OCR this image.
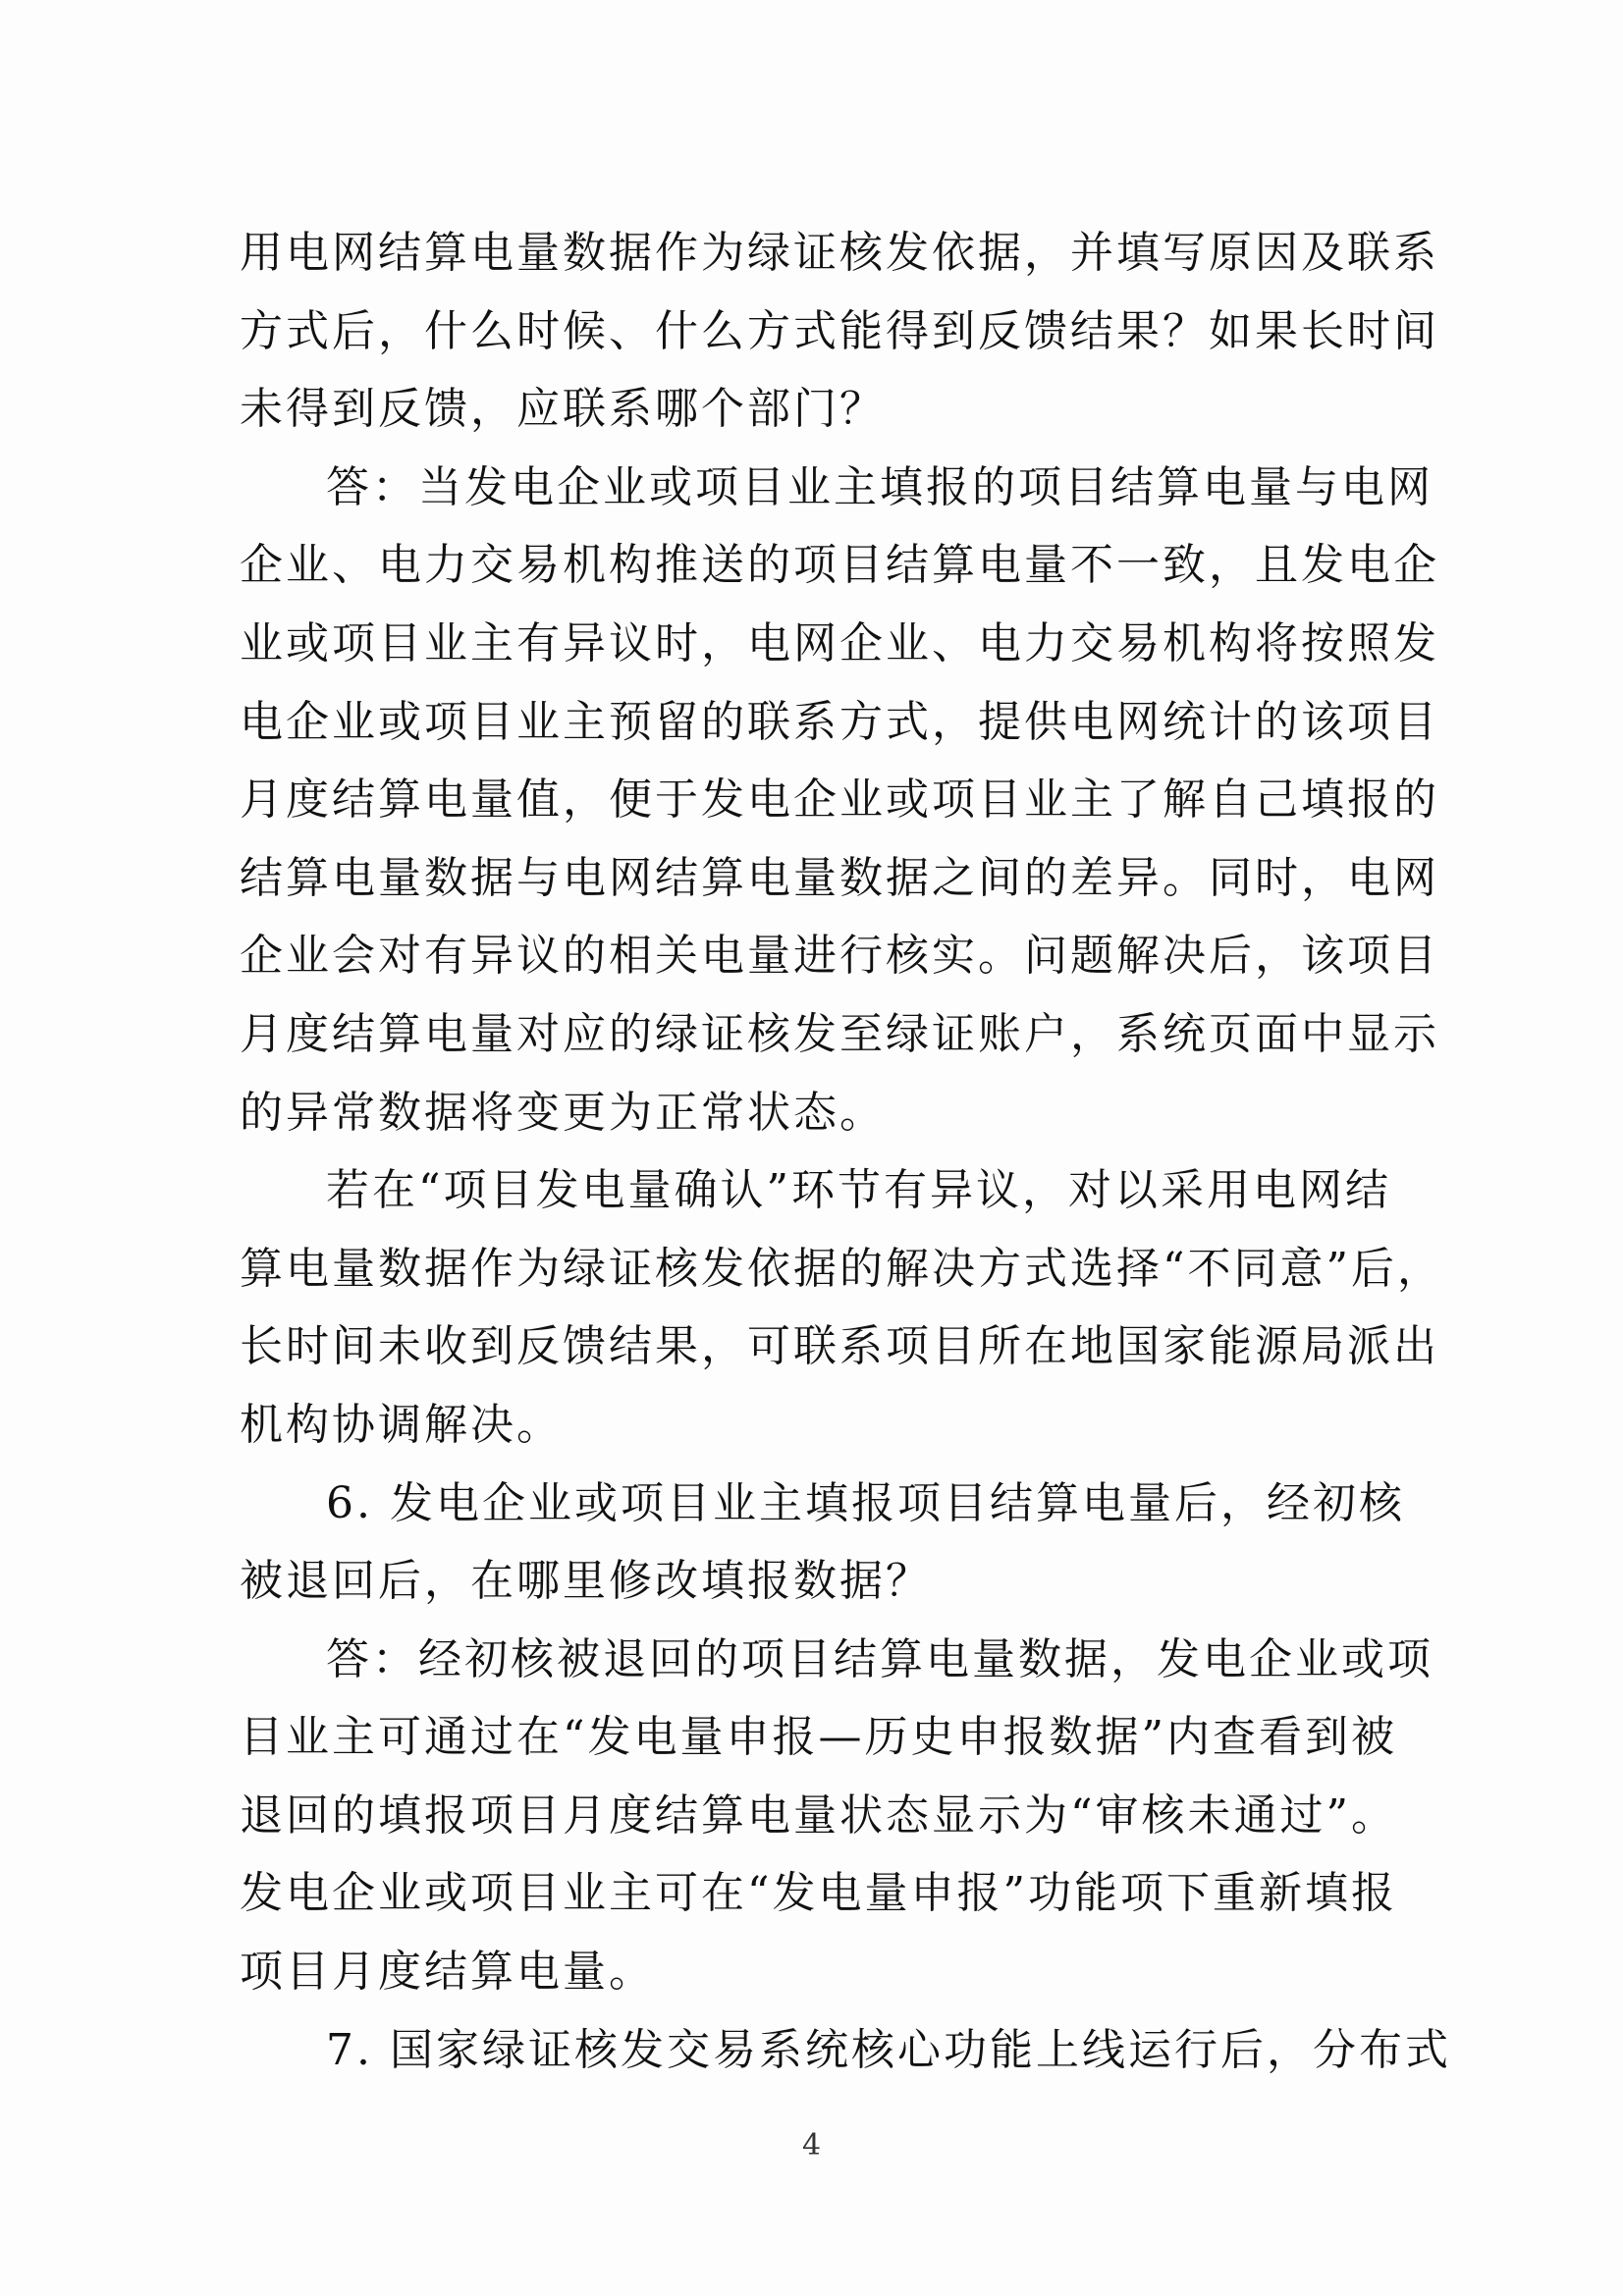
用电网结算电量数据作为绿证核发依据，并填写原因及联系
方式后，什么时候、什么方式能得到反馈结果？如果长时间
未得到反馈，应联系哪个部门？
答：当发电企业或项目业主填报的项目结算电量与电网
企业、电力交易机构推送的项目结算电量不一致，且发电企
业或项目业主有异议时，电网企业、电力交易机构将按照发
电企业或项目业主预留的联系方式，提供电网统计的该项目
月度结算电量值，便于发电企业或项目业主了解自己填报的
结算电量数据与电网结算电量数据之间的差异。同时，电网
企业会对有异议的相关电量进行核实。问题解决后，该项目
月度结算电量对应的绿证核发至绿证账户，系统页面中显示
的异常数据将变更为正常状态。
若在“项目发电量确认”环节有异议，对以采用电网结
算电量数据作为绿证核发依据的解决方式选择“不同意”后，
长时间未收到反馈结果，可联系项目所在地国家能源局派出
机构协调解决。
6. 发电企业或项目业主填报项目结算电量后，经初核
被退回后，在哪里修改填报数据？
答：经初核被退回的项目结算电量数据，发电企业或项
目业主可通过在“发电量申报—历史申报数据”内查看到被
退回的填报项目月度结算电量状态显示为“审核未通过”。
发电企业或项目业主可在“发电量申报”功能项下重新填报
项目月度结算电量。
7. 国家绿证核发交易系统核心功能上线运行后，分布式
4
